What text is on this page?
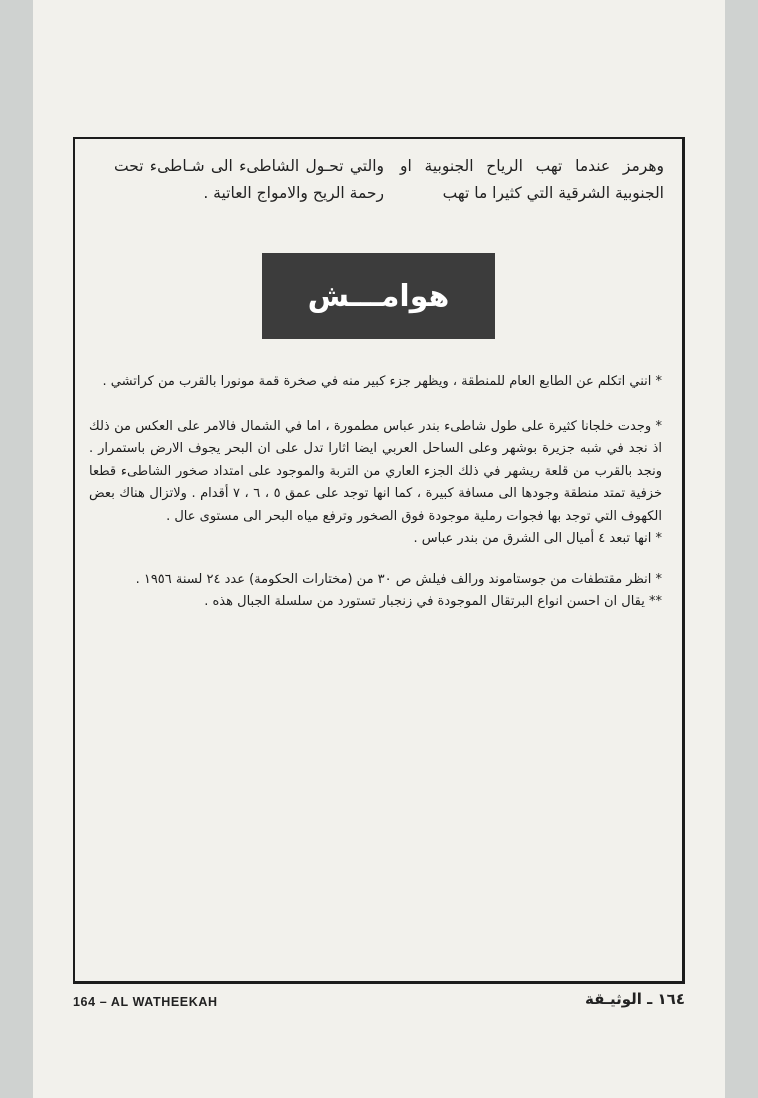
وهرمز عندما تهب الرياح الجنوبية او الجنوبية الشرقية التي كثيرا ما تهب
والتي تحـول الشاطىء الى شـاطىء تحت رحمة الريح والامواج العاتية .
هوامـــش

* انني اتكلم عن الطابع العام للمنطقة ، ويظهر جزء كبير منه في صخرة قمة مونورا بالقرب من كراتشي .

* وجدت خلجانا كثيرة على طول شاطىء بندر عباس مطمورة ، اما في الشمال فالامر على العكس من ذلك اذ نجد في شبه جزيرة بوشهر وعلى الساحل العربي ايضا اثارا تدل على ان البحر يجوف الارض باستمرار . ونجد بالقرب من قلعة ريشهر في ذلك الجزء العاري من التربة والموجود على امتداد صخور الشاطىء قطعا خزفية تمتد منطقة وجودها الى مسافة كبيرة ، كما انها توجد على عمق ٥ ، ٦ ، ٧ أقدام . ولاتزال هناك بعض الكهوف التي توجد بها فجوات رملية موجودة فوق الصخور وترفع مياه البحر الى مستوى عال .

* انها تبعد ٤ أميال الى الشرق من بندر عباس .

* انظر مقتطفات من جوستاموند ورالف فيلش ص ٣٠ من (مختارات الحكومة) عدد ٢٤ لسنة ١٩٥٦ .

** يقال ان احسن انواع البرتقال الموجودة في زنجبار تستورد من سلسلة الجبال هذه .

164 – AL WATHEEKAH	١٦٤ ـ الوثيـقة
